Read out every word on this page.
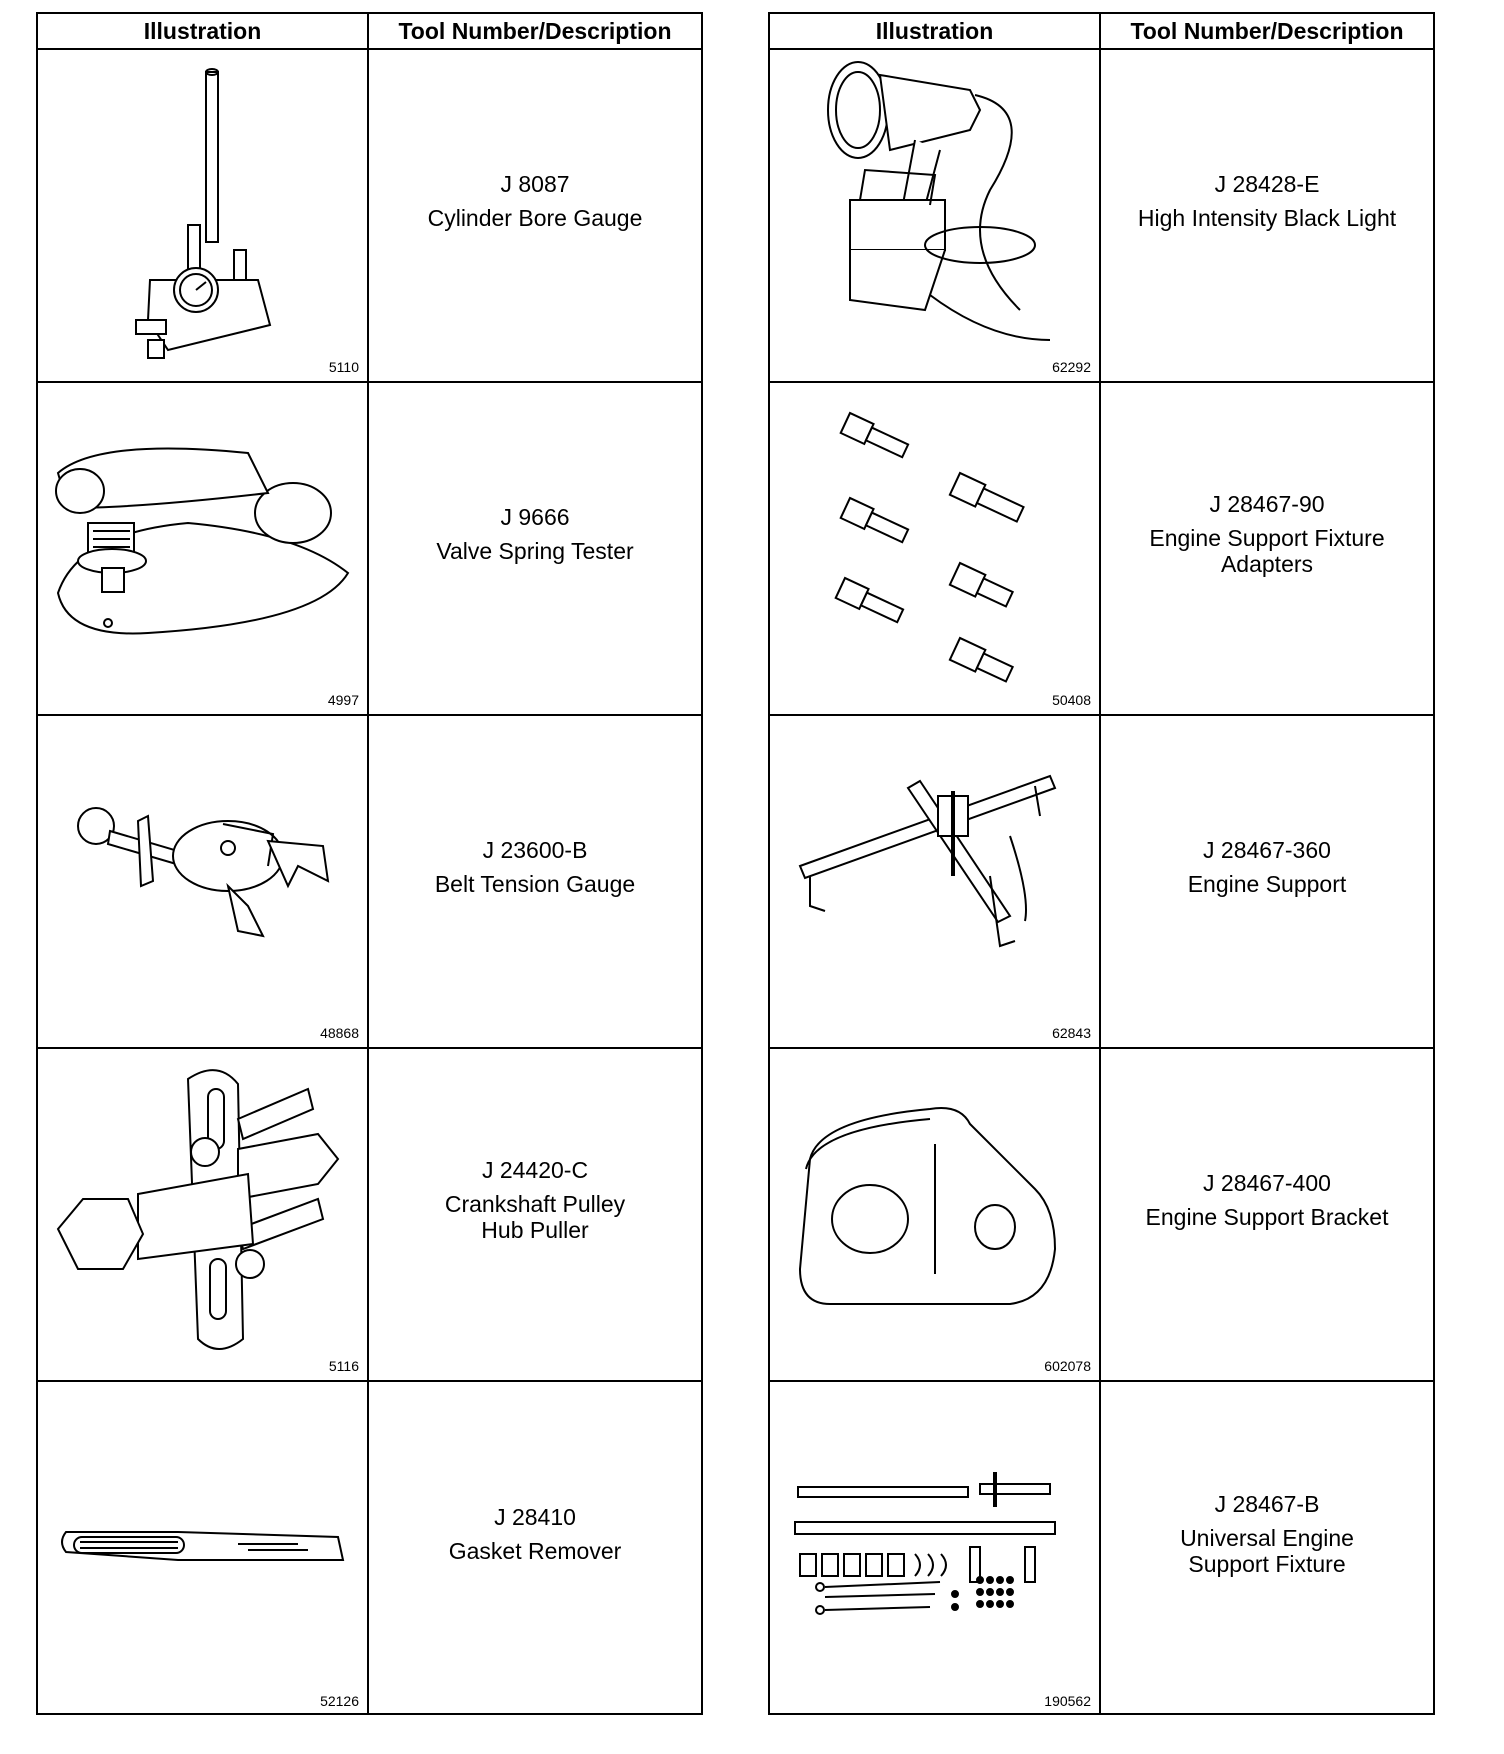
Illustration	Tool Number/Description
5110
J 8087
Cylinder Bore Gauge
4997
J 9666
Valve Spring Tester
48868
J 23600-B
Belt Tension Gauge
5116
J 24420-C
Crankshaft Pulley
Hub Puller
52126
J 28410
Gasket Remover
Illustration	Tool Number/Description
62292
J 28428-E
High Intensity Black Light
50408
J 28467-90
Engine Support Fixture
Adapters
62843
J 28467-360
Engine Support
602078
J 28467-400
Engine Support Bracket
190562
J 28467-B
Universal Engine
Support Fixture
